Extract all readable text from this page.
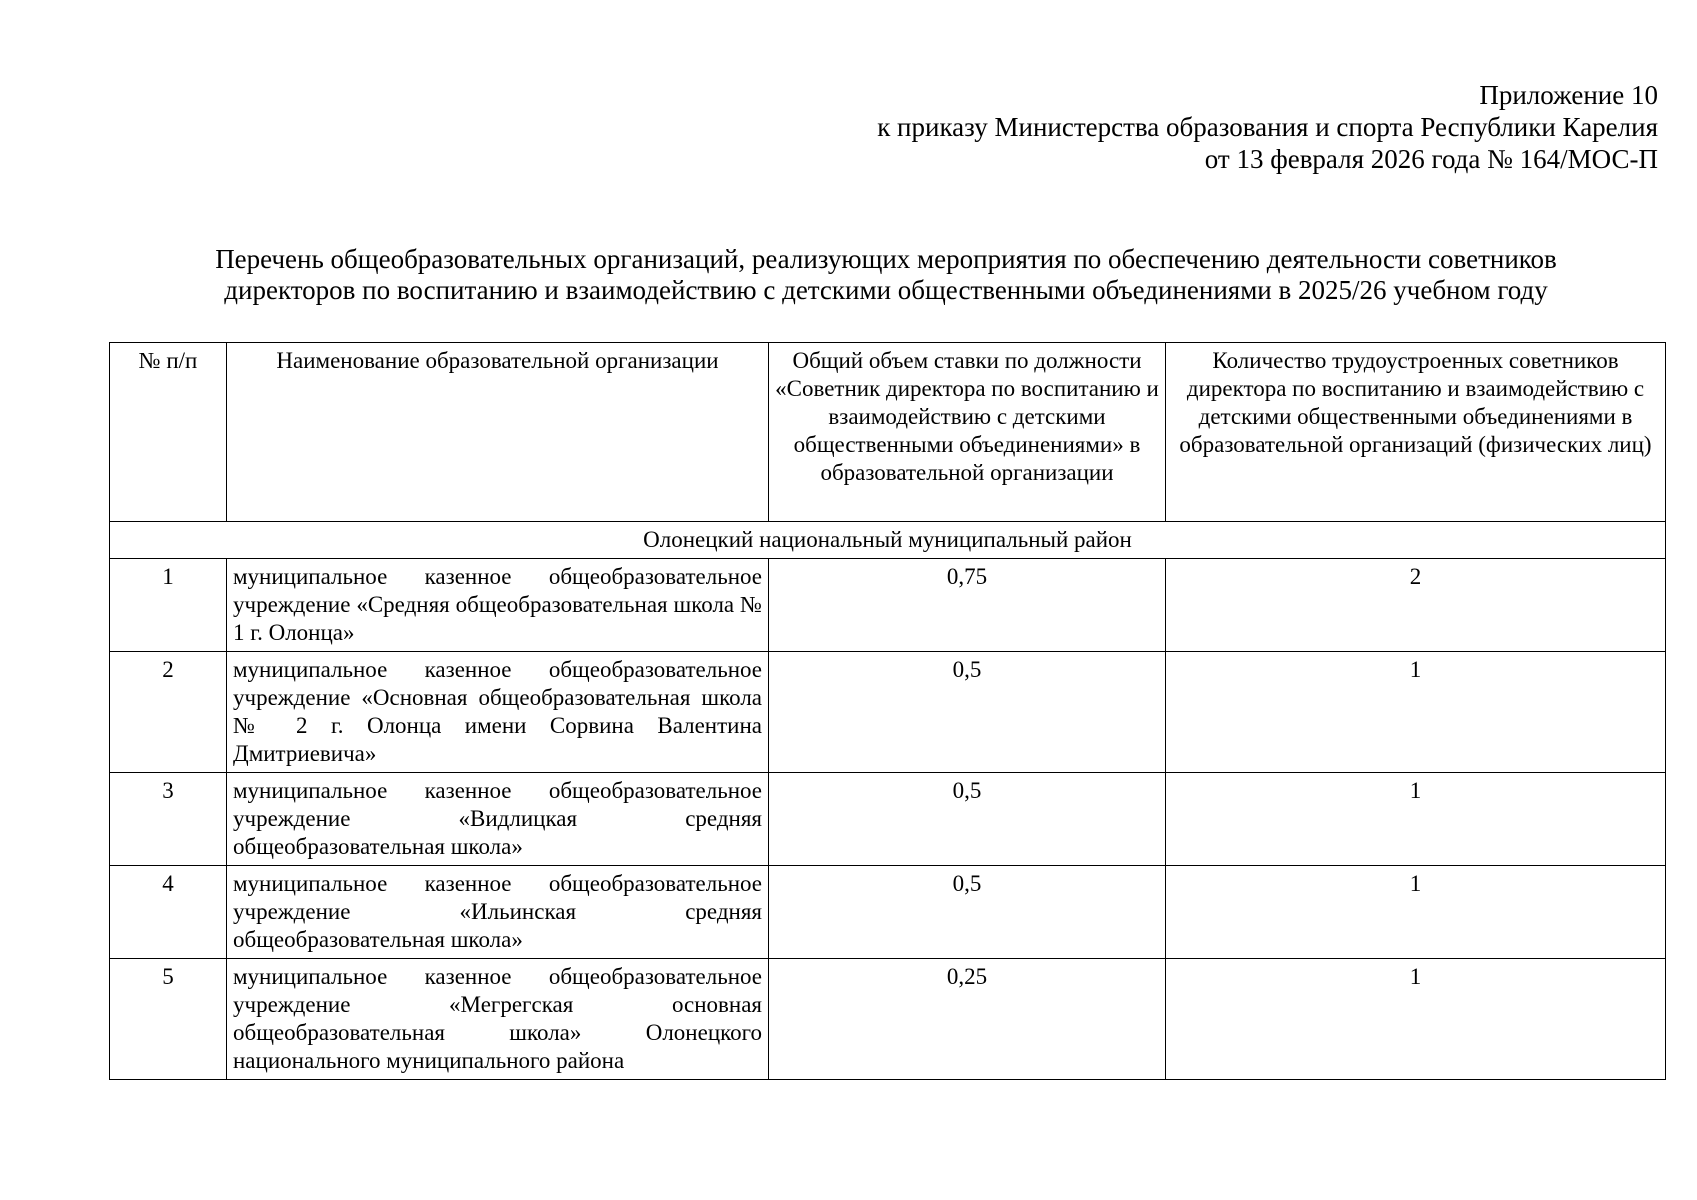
Приложение 10
к приказу Министерства образования и спорта Республики Карелия
от 13 февраля 2026 года № 164/МОС-П
Перечень общеобразовательных организаций, реализующих мероприятия по обеспечению деятельности советников
директоров по воспитанию и взаимодействию с детскими общественными объединениями в 2025/26 учебном году
№ п/п	Наименование образовательной организации	Общий объем ставки по должности «Советник директора по воспитанию и взаимодействию с детскими общественными объединениями» в образовательной организации	Количество трудоустроенных советников директора по воспитанию и взаимодействию с детскими общественными объединениями в образовательной организаций (физических лиц)
Олонецкий национальный муниципальный район			
1	муниципальное казенное общеобразовательное учреждение «Средняя общеобразовательная школа № 1 г. Олонца»	0,75	2
2	муниципальное казенное общеобразовательное учреждение «Основная общеобразовательная школа № 2 г. Олонца имени Сорвина Валентина Дмитриевича»	0,5	1
3	муниципальное казенное общеобразовательное учреждение «Видлицкая средняя общеобразовательная школа»	0,5	1
4	муниципальное казенное общеобразовательное учреждение «Ильинская средняя общеобразовательная школа»	0,5	1
5	муниципальное казенное общеобразовательное учреждение «Мегрегская основная общеобразовательная школа» Олонецкого национального муниципального района	0,25	1
